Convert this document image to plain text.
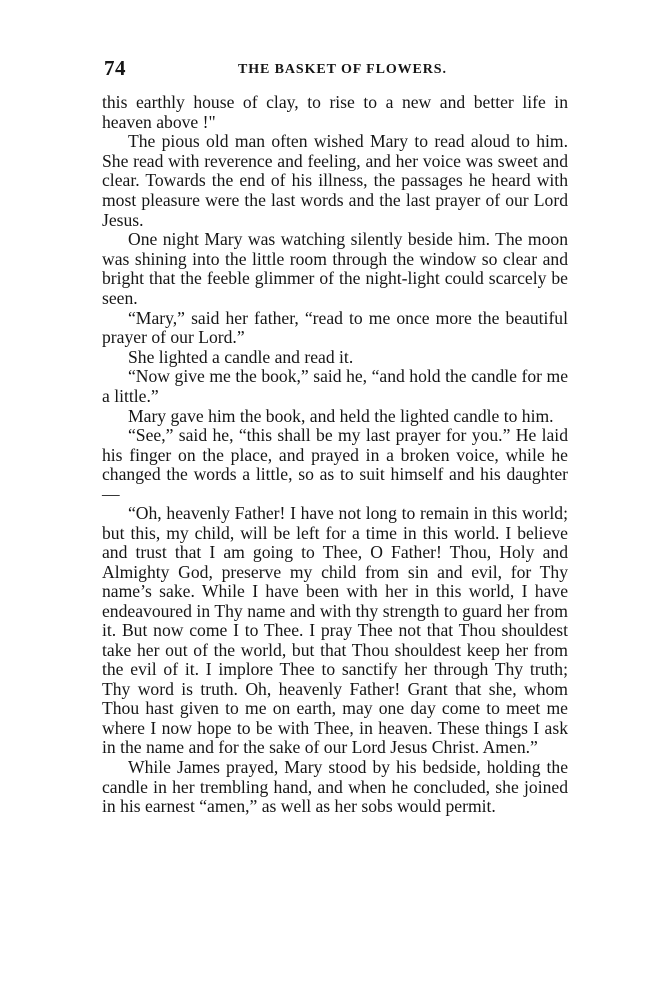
74	THE BASKET OF FLOWERS.

this earthly house of clay, to rise to a new and better life in heaven above !"

The pious old man often wished Mary to read aloud to him. She read with reverence and feeling, and her voice was sweet and clear. Towards the end of his illness, the passages he heard with most pleasure were the last words and the last prayer of our Lord Jesus.

One night Mary was watching silently beside him. The moon was shining into the little room through the window so clear and bright that the feeble glimmer of the night-light could scarcely be seen.

“Mary,” said her father, “read to me once more the beautiful prayer of our Lord.”

She lighted a candle and read it.

“Now give me the book,” said he, “and hold the candle for me a little.”

Mary gave him the book, and held the lighted candle to him.

“See,” said he, “this shall be my last prayer for you.” He laid his finger on the place, and prayed in a broken voice, while he changed the words a little, so as to suit himself and his daughter—

“Oh, heavenly Father! I have not long to remain in this world; but this, my child, will be left for a time in this world. I believe and trust that I am going to Thee, O Father! Thou, Holy and Almighty God, preserve my child from sin and evil, for Thy name’s sake. While I have been with her in this world, I have endeavoured in Thy name and with thy strength to guard her from it. But now come I to Thee. I pray Thee not that Thou shouldest take her out of the world, but that Thou shouldest keep her from the evil of it. I implore Thee to sanctify her through Thy truth; Thy word is truth. Oh, heavenly Father! Grant that she, whom Thou hast given to me on earth, may one day come to meet me where I now hope to be with Thee, in heaven. These things I ask in the name and for the sake of our Lord Jesus Christ. Amen.”

While James prayed, Mary stood by his bedside, holding the candle in her trembling hand, and when he concluded, she joined in his earnest “amen,” as well as her sobs would permit.
